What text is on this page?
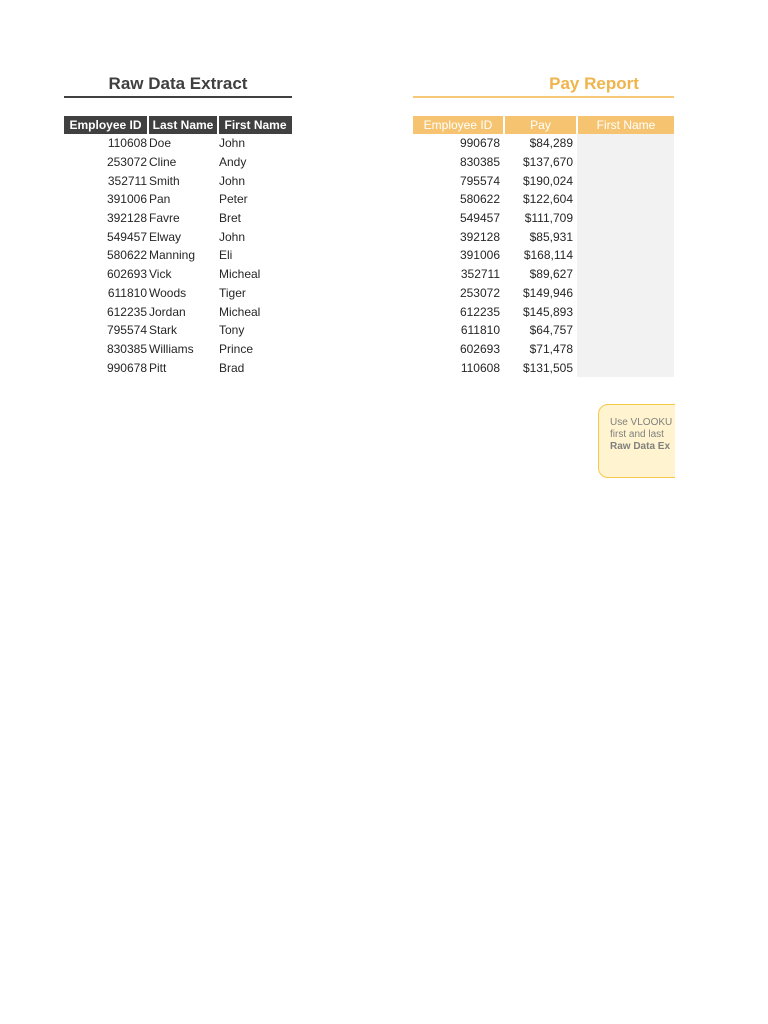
Raw Data Extract	Pay Report
Employee ID	Last Name	First Name
110608	Doe	John
253072	Cline	Andy
352711	Smith	John
391006	Pan	Peter
392128	Favre	Bret
549457	Elway	John
580622	Manning	Eli
602693	Vick	Micheal
611810	Woods	Tiger
612235	Jordan	Micheal
795574	Stark	Tony
830385	Williams	Prince
990678	Pitt	Brad
Employee ID	Pay	First Name
990678	$84,289	
830385	$137,670	
795574	$190,024	
580622	$122,604	
549457	$111,709	
392128	$85,931	
391006	$168,114	
352711	$89,627	
253072	$149,946	
612235	$145,893	
611810	$64,757	
602693	$71,478	
110608	$131,505	
Use VLOOKU
first and last
Raw Data Ex
